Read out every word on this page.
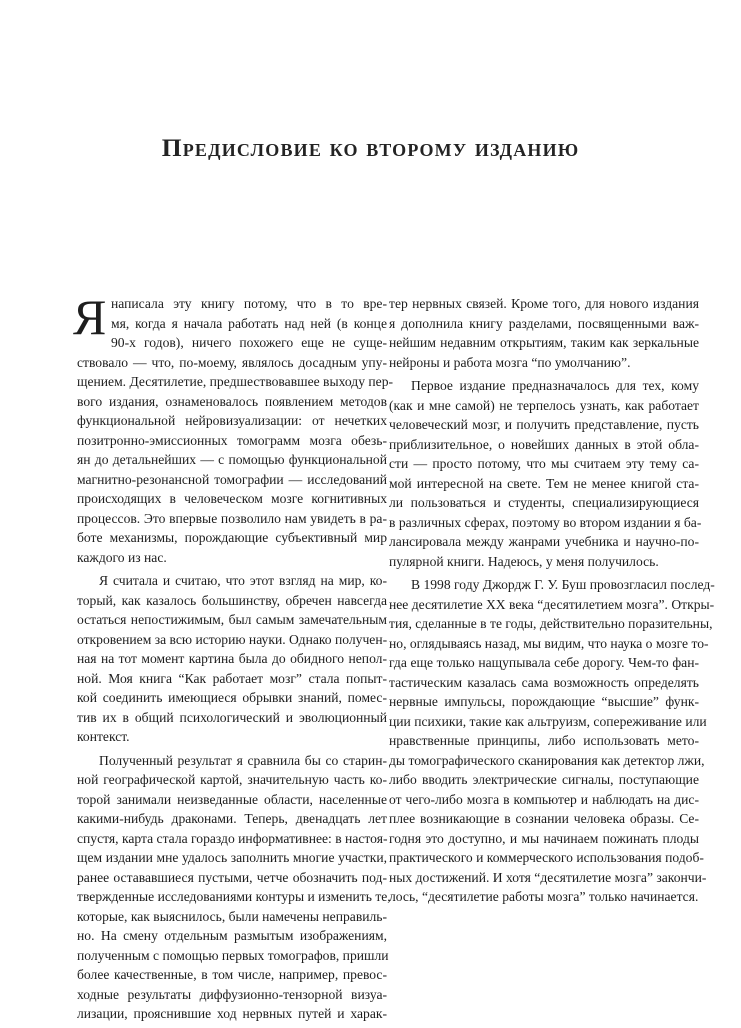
Предисловие ко второму изданию
Я написала эту книгу потому, что в то вре-
мя, когда я начала работать над ней (в конце
90-х годов), ничего похожего еще не суще-
ствовало — что, по-моему, являлось досадным упу-
щением. Десятилетие, предшествовавшее выходу пер-
вого издания, ознаменовалось появлением методов
функциональной нейровизуализации: от нечетких
позитронно-эмиссионных томограмм мозга обезь-
ян до детальнейших — с помощью функциональной
магнитно-резонансной томографии — исследований
происходящих в человеческом мозге когнитивных
процессов. Это впервые позволило нам увидеть в ра-
боте механизмы, порождающие субъективный мир
каждого из нас.
Я считала и считаю, что этот взгляд на мир, ко-
торый, как казалось большинству, обречен навсегда
остаться непостижимым, был самым замечательным
откровением за всю историю науки. Однако получен-
ная на тот момент картина была до обидного непол-
ной. Моя книга “Как работает мозг” стала попыт-
кой соединить имеющиеся обрывки знаний, помес-
тив их в общий психологический и эволюционный
контекст.
Полученный результат я сравнила бы со старин-
ной географической картой, значительную часть ко-
торой занимали неизведанные области, населенные
какими-нибудь драконами. Теперь, двенадцать лет
спустя, карта стала гораздо информативнее: в настоя-
щем издании мне удалось заполнить многие участки,
ранее остававшиеся пустыми, четче обозначить под-
твержденные исследованиями контуры и изменить те,
которые, как выяснилось, были намечены неправиль-
но. На смену отдельным размытым изображениям,
полученным с помощью первых томографов, пришли
более качественные, в том числе, например, превос-
ходные результаты диффузионно-тензорной визуа-
лизации, прояснившие ход нервных путей и харак-
тер нервных связей. Кроме того, для нового издания
я дополнила книгу разделами, посвященными важ-
нейшим недавним открытиям, таким как зеркальные
нейроны и работа мозга “по умолчанию”.
Первое издание предназначалось для тех, кому
(как и мне самой) не терпелось узнать, как работает
человеческий мозг, и получить представление, пусть
приблизительное, о новейших данных в этой обла-
сти — просто потому, что мы считаем эту тему са-
мой интересной на свете. Тем не менее книгой ста-
ли пользоваться и студенты, специализирующиеся
в различных сферах, поэтому во втором издании я ба-
лансировала между жанрами учебника и научно-по-
пулярной книги. Надеюсь, у меня получилось.
В 1998 году Джордж Г. У. Буш провозгласил послед-
нее десятилетие XX века “десятилетием мозга”. Откры-
тия, сделанные в те годы, действительно поразительны,
но, оглядываясь назад, мы видим, что наука о мозге то-
гда еще только нащупывала себе дорогу. Чем-то фан-
тастическим казалась сама возможность определять
нервные импульсы, порождающие “высшие” функ-
ции психики, такие как альтруизм, сопереживание или
нравственные принципы, либо использовать мето-
ды томографического сканирования как детектор лжи,
либо вводить электрические сигналы, поступающие
от чего-либо мозга в компьютер и наблюдать на дис-
плее возникающие в сознании человека образы. Се-
годня это доступно, и мы начинаем пожинать плоды
практического и коммерческого использования подоб-
ных достижений. И хотя “десятилетие мозга” закончи-
лось, “десятилетие работы мозга” только начинается.
